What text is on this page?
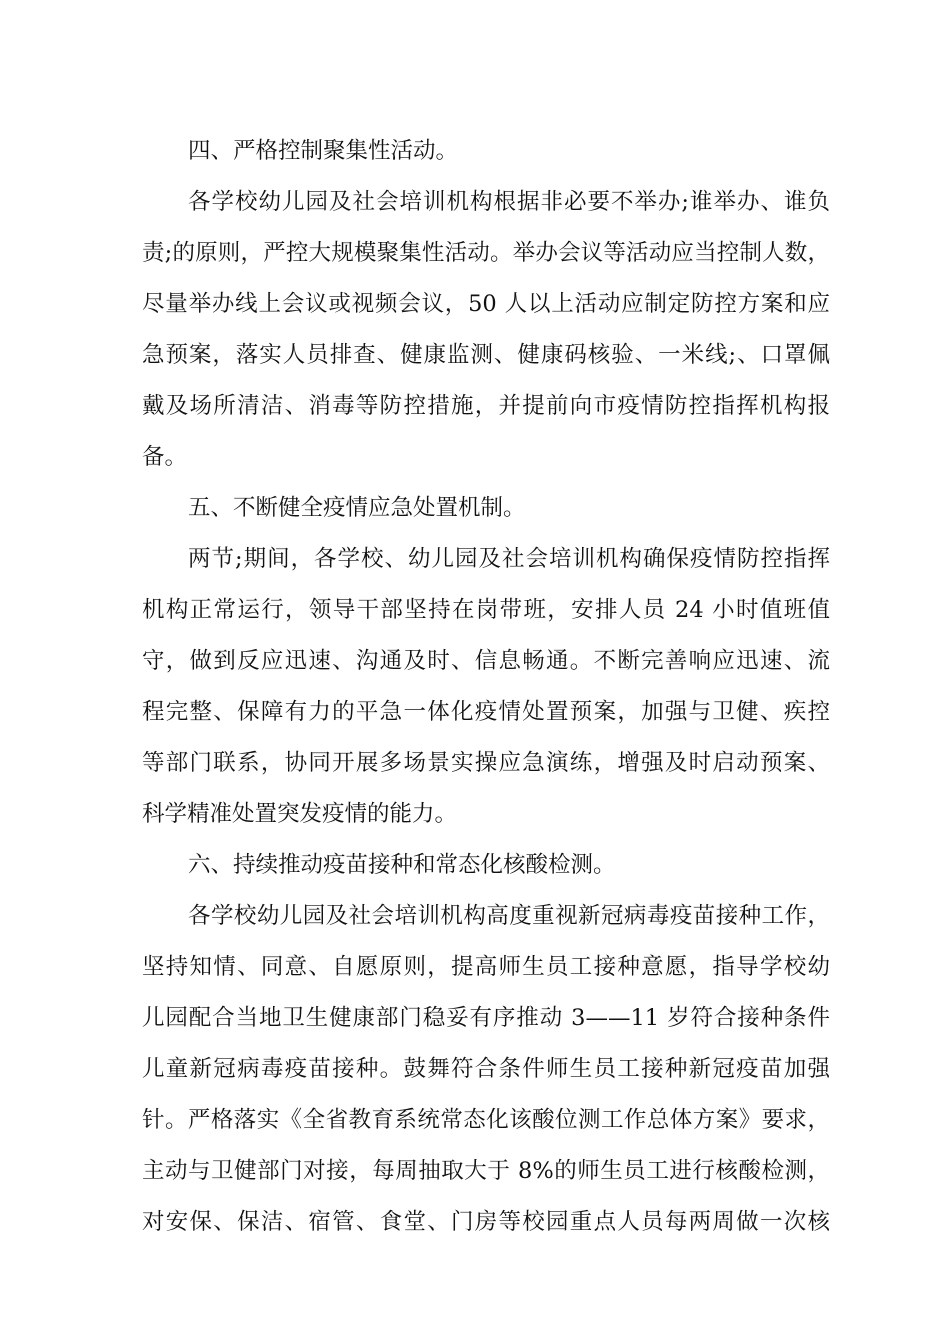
四、严格控制聚集性活动。
各学校幼儿园及社会培训机构根据非必要不举办;谁举办、谁负
责;的原则，严控大规模聚集性活动。举办会议等活动应当控制人数，
尽量举办线上会议或视频会议，50 人以上活动应制定防控方案和应
急预案，落实人员排查、健康监测、健康码核验、一米线;、口罩佩
戴及场所清洁、消毒等防控措施，并提前向市疫情防控指挥机构报
备。
五、不断健全疫情应急处置机制。
两节;期间，各学校、幼儿园及社会培训机构确保疫情防控指挥
机构正常运行，领导干部坚持在岗带班，安排人员 24 小时值班值
守，做到反应迅速、沟通及时、信息畅通。不断完善响应迅速、流
程完整、保障有力的平急一体化疫情处置预案，加强与卫健、疾控
等部门联系，协同开展多场景实操应急演练，增强及时启动预案、
科学精准处置突发疫情的能力。
六、持续推动疫苗接种和常态化核酸检测。
各学校幼儿园及社会培训机构高度重视新冠病毒疫苗接种工作，
坚持知情、同意、自愿原则，提高师生员工接种意愿，指导学校幼
儿园配合当地卫生健康部门稳妥有序推动 3——11 岁符合接种条件
儿童新冠病毒疫苗接种。鼓舞符合条件师生员工接种新冠疫苗加强
针。严格落实《全省教育系统常态化该酸位测工作总体方案》要求，
主动与卫健部门对接，每周抽取大于 8%的师生员工进行核酸检测，
对安保、保洁、宿管、食堂、门房等校园重点人员每两周做一次核
